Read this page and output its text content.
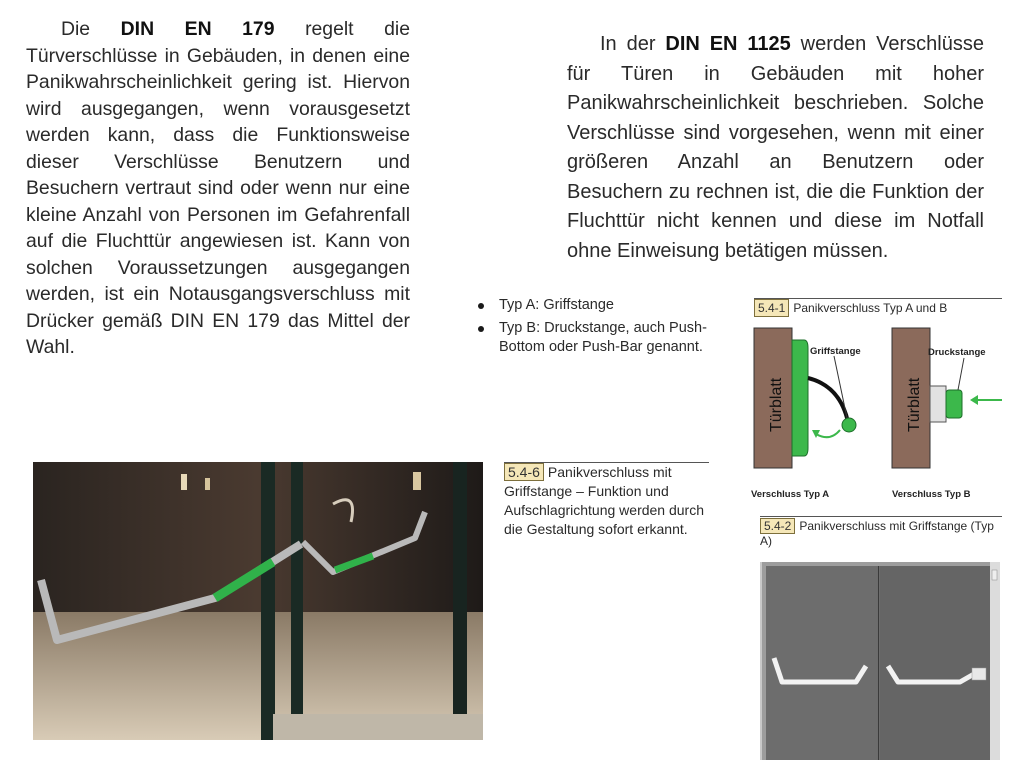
Die DIN EN 179 regelt die Türverschlüsse in Gebäuden, in denen eine Panikwahrscheinlichkeit gering ist. Hiervon wird ausgegangen, wenn vorausgesetzt werden kann, dass die Funktionsweise dieser Verschlüsse Benutzern und Besuchern vertraut sind oder wenn nur eine kleine Anzahl von Personen im Gefahrenfall auf die Fluchttür angewiesen ist. Kann von solchen Voraussetzungen ausgegangen werden, ist ein Notausgangsverschluss mit Drücker gemäß DIN EN 179 das Mittel der Wahl.

In der DIN EN 1125 werden Verschlüsse für Türen in Gebäuden mit hoher Panikwahrscheinlichkeit beschrieben. Solche Verschlüsse sind vorgesehen, wenn mit einer größeren Anzahl an Benutzern oder Besuchern zu rechnen ist, die die Funktion der Fluchttür nicht kennen und diese im Notfall ohne Einweisung betätigen müssen.

Typ A: Griffstange
Typ B: Druckstange, auch Push-Bottom oder Push-Bar genannt.
5.4-1 Panikverschluss Typ A und B
Türblatt
Griffstange
Türblatt
Druckstange
Verschluss Typ A	Verschluss Typ B
5.4-2 Panikverschluss mit Griffstange (Typ A)
5.4-6 Panikverschluss mit Griffstange – Funktion und Aufschlagrichtung werden durch die Gestaltung sofort erkannt.
